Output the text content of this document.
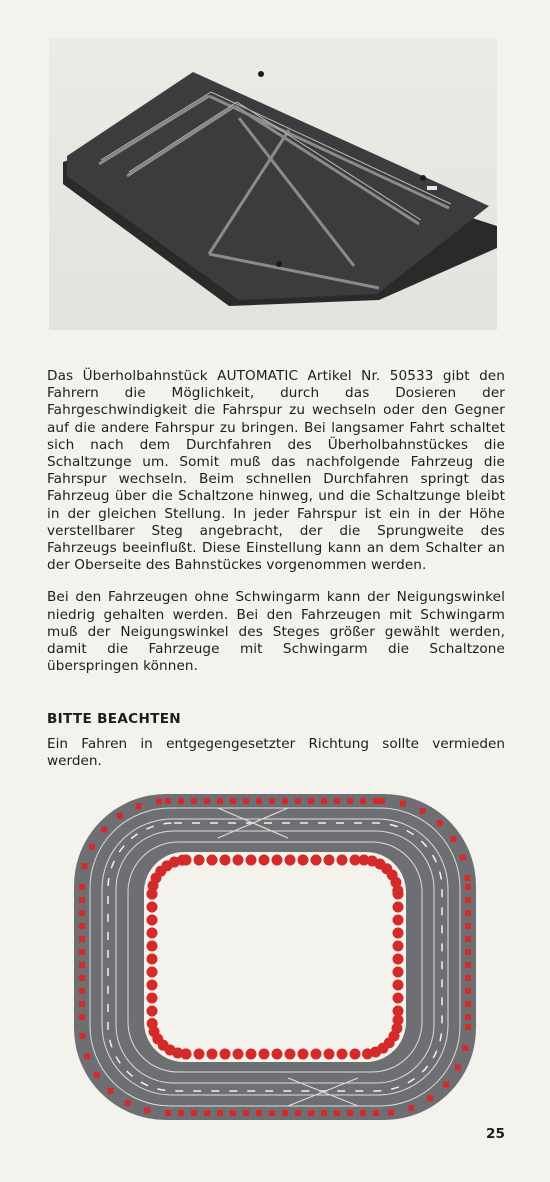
Das Überholbahnstück AUTOMATIC Artikel Nr. 50533 gibt den Fahrern die Möglichkeit, durch das Dosieren der Fahrgeschwindigkeit die Fahrspur zu wechseln oder den Gegner auf die andere Fahrspur zu bringen. Bei langsamer Fahrt schaltet sich nach dem Durchfahren des Überholbahnstückes die Schaltzunge um. Somit muß das nachfolgende Fahrzeug die Fahrspur wechseln. Beim schnellen Durchfahren springt das Fahrzeug über die Schaltzone hinweg, und die Schaltzunge bleibt in der gleichen Stellung. In jeder Fahrspur ist ein in der Höhe verstellbarer Steg angebracht, der die Sprungweite des Fahrzeugs beeinflußt. Diese Einstellung kann an dem Schalter an der Oberseite des Bahnstückes vorgenommen werden.

Bei den Fahrzeugen ohne Schwingarm kann der Neigungswinkel niedrig gehalten werden. Bei den Fahrzeugen mit Schwingarm muß der Neigungswinkel des Steges größer gewählt werden, damit die Fahrzeuge mit Schwingarm die Schaltzone überspringen können.

BITTE BEACHTEN
Ein Fahren in entgegengesetzter Richtung sollte vermieden werden.
25
